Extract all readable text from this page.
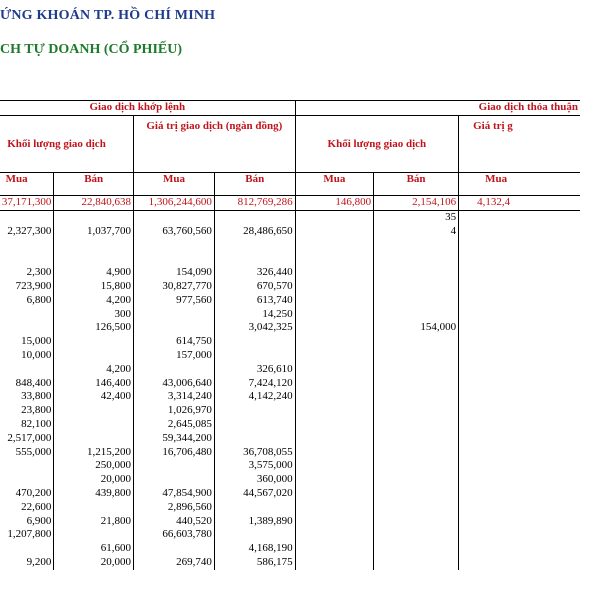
ỨNG KHOÁN TP. HỒ CHÍ MINH
CH TỰ DOANH (CỔ PHIẾU)
Giao dịch khớp lệnh				Giao dịch thỏa thuận		
Khối lượng giao dịch		Giá trị giao dịch (ngàn đồng)		Khối lượng giao dịch		Giá trị g
Mua	Bán	Mua	Bán	Mua	Bán	Mua

37,171,300	22,840,638	1,306,244,600	812,769,286	146,800	2,154,106	4,132,4
					35	
2,327,300	1,037,700	63,760,560	28,486,650		4	

2,300	4,900	154,090	326,440			
723,900	15,800	30,827,770	670,570			
6,800	4,200	977,560	613,740			
	300		14,250			
	126,500		3,042,325		154,000	
15,000		614,750				
10,000		157,000				
	4,200		326,610			
848,400	146,400	43,006,640	7,424,120			
33,800	42,400	3,314,240	4,142,240			
23,800		1,026,970				
82,100		2,645,085				
2,517,000		59,344,200				
555,000	1,215,200	16,706,480	36,708,055			
	250,000		3,575,000			
	20,000		360,000			
470,200	439,800	47,854,900	44,567,020			
22,600		2,896,560				
6,900	21,800	440,520	1,389,890			
1,207,800		66,603,780				
	61,600		4,168,190			
9,200	20,000	269,740	586,175			
